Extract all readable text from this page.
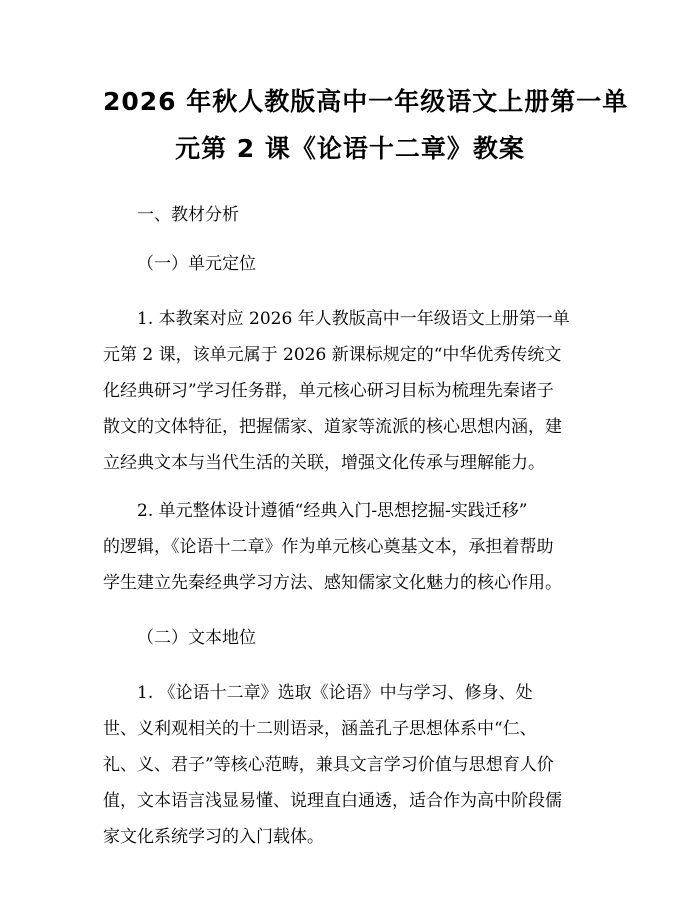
2026 年秋人教版高中一年级语文上册第一单
元第 2 课《论语十二章》教案
一、教材分析
（一）单元定位

1. 本教案对应 2026 年人教版高中一年级语文上册第一单
元第 2 课，该单元属于 2026 新课标规定的“中华优秀传统文
化经典研习”学习任务群，单元核心研习目标为梳理先秦诸子
散文的文体特征，把握儒家、道家等流派的核心思想内涵，建
立经典文本与当代生活的关联，增强文化传承与理解能力。

2. 单元整体设计遵循“经典入门-思想挖掘-实践迁移”
的逻辑，《论语十二章》作为单元核心奠基文本，承担着帮助
学生建立先秦经典学习方法、感知儒家文化魅力的核心作用。

（二）文本地位

1. 《论语十二章》选取《论语》中与学习、修身、处
世、义利观相关的十二则语录，涵盖孔子思想体系中“仁、
礼、义、君子”等核心范畴，兼具文言学习价值与思想育人价
值，文本语言浅显易懂、说理直白通透，适合作为高中阶段儒
家文化系统学习的入门载体。
